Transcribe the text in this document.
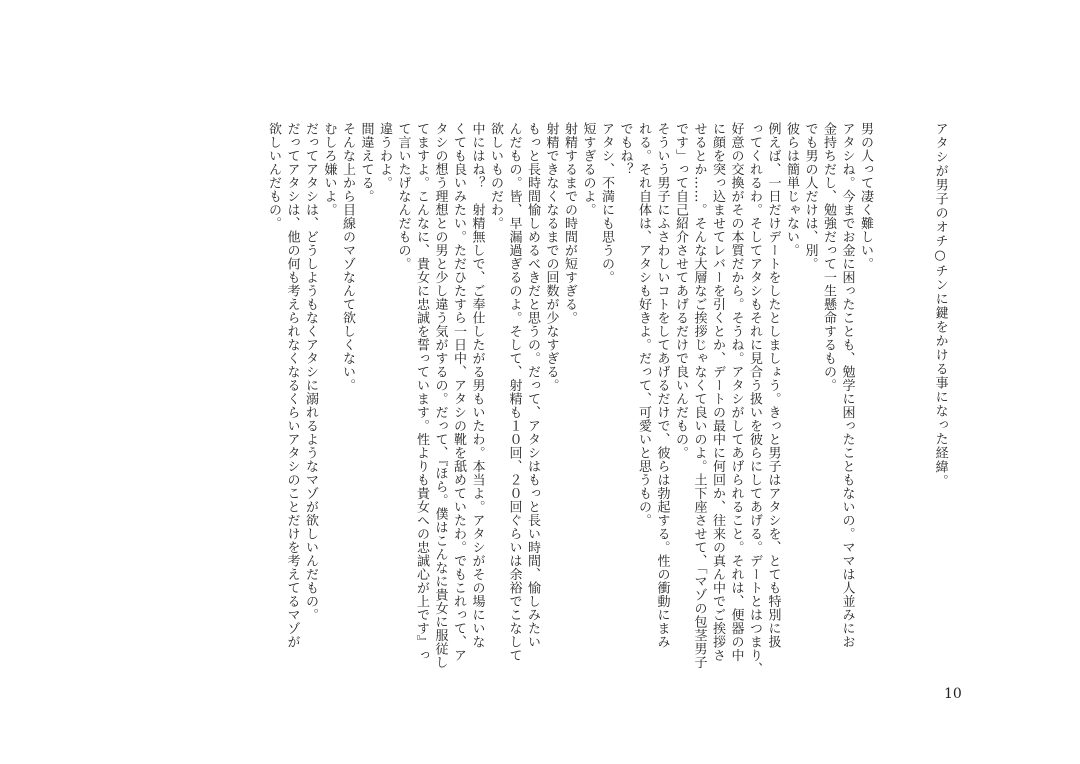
アタシが男子のオチ○チンに鍵をかける事になった経緯。
男の人って凄く難しい。
アタシね。今までお金に困ったことも、勉学に困ったこともないの。ママは人並みにお
金持ちだし、勉強だって一生懸命するもの。
でも男の人だけは、別。
彼らは簡単じゃない。
例えば、一日だけデートをしたとしましょう。きっと男子はアタシを、とても特別に扱
ってくれるわ。そしてアタシもそれに見合う扱いを彼らにしてあげる。デートとはつまり、
好意の交換がその本質だから。そうね。アタシがしてあげられること。それは、便器の中
に顔を突っ込ませてレバーを引くとか、デートの最中に何回か、往来の真ん中でご挨拶さ
せるとか……。そんな大層なご挨拶じゃなくて良いのよ。土下座させて、「マゾの包茎男子
です」って自己紹介させてあげるだけで良いんだもの。
そういう男子にふさわしいコトをしてあげるだけで、彼らは勃起する。性の衝動にまみ
れる。それ自体は、アタシも好きよ。だって、可愛いと思うもの。
でもね？
アタシ、不満にも思うの。
短すぎるのよ。
射精するまでの時間が短すぎる。
射精できなくなるまでの回数が少なすぎる。
もっと長時間愉しめるべきだと思うの。だって、アタシはもっと長い時間、愉しみたい
んだもの。皆、早漏過ぎるのよ。そして、射精も１０回、２０回ぐらいは余裕でこなして
欲しいものだわ。
中にはね？　射精無しで、ご奉仕したがる男もいたわ。本当よ。アタシがその場にいな
くても良いみたい。ただひたすら一日中、アタシの靴を舐めていたわ。でもこれって、ア
タシの想う理想との男と少し違う気がするの。だって、『ほら。僕はこんなに貴女に服従し
てますよ。こんなに、貴女に忠誠を誓っています。性よりも貴女への忠誠心が上です』っ
て言いたげなんだもの。
違うわよ。
間違えてる。
そんな上から目線のマゾなんて欲しくない。
むしろ嫌いよ。
だってアタシは、どうしようもなくアタシに溺れるようなマゾが欲しいんだもの。
だってアタシは、他の何も考えられなくなるくらいアタシのことだけを考えてるマゾが
欲しいんだもの。
10
